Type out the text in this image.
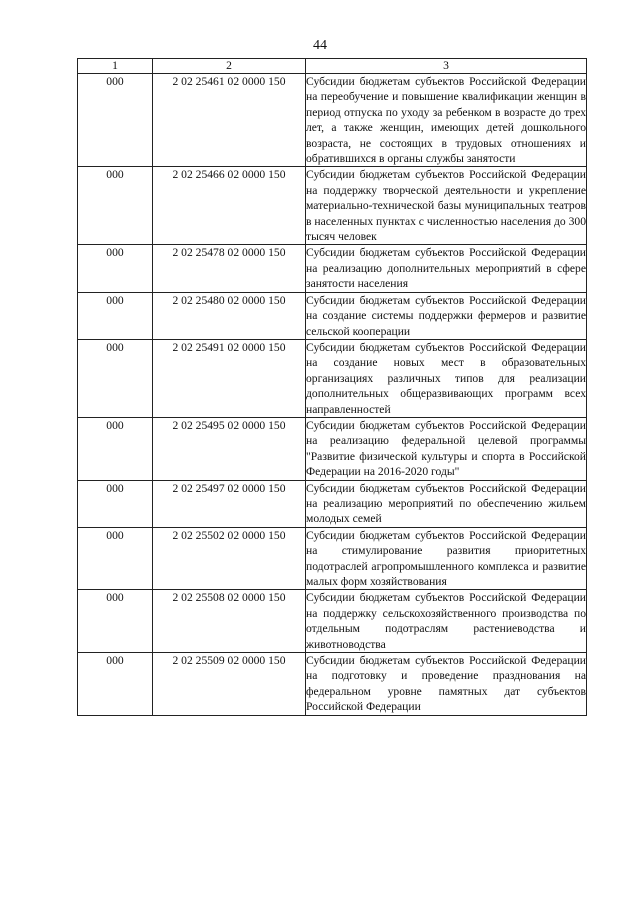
44
1	2	3
000	2 02 25461 02 0000 150	Субсидии бюджетам субъектов Российской Федерации на переобучение и повышение квалификации женщин в период отпуска по уходу за ребенком в возрасте до трех лет, а также женщин, имеющих детей дошкольного возраста, не состоящих в трудовых отношениях и обратившихся в органы службы занятости
000	2 02 25466 02 0000 150	Субсидии бюджетам субъектов Российской Федерации на поддержку творческой деятельности и укрепление материально-технической базы муниципальных театров в населенных пунктах с численностью населения до 300 тысяч человек
000	2 02 25478 02 0000 150	Субсидии бюджетам субъектов Российской Федерации на реализацию дополнительных мероприятий в сфере занятости населения
000	2 02 25480 02 0000 150	Субсидии бюджетам субъектов Российской Федерации на создание системы поддержки фермеров и развитие сельской кооперации
000	2 02 25491 02 0000 150	Субсидии бюджетам субъектов Российской Федерации на создание новых мест в образовательных организациях различных типов для реализации дополнительных общеразвивающих программ всех направленностей
000	2 02 25495 02 0000 150	Субсидии бюджетам субъектов Российской Федерации на реализацию федеральной целевой программы "Развитие физической культуры и спорта в Российской Федерации на 2016-2020 годы"
000	2 02 25497 02 0000 150	Субсидии бюджетам субъектов Российской Федерации на реализацию мероприятий по обеспечению жильем молодых семей
000	2 02 25502 02 0000 150	Субсидии бюджетам субъектов Российской Федерации на стимулирование развития приоритетных подотраслей агропромышленного комплекса и развитие малых форм хозяйствования
000	2 02 25508 02 0000 150	Субсидии бюджетам субъектов Российской Федерации на поддержку сельскохозяйственного производства по отдельным подотраслям растениеводства и животноводства
000	2 02 25509 02 0000 150	Субсидии бюджетам субъектов Российской Федерации на подготовку и проведение празднования на федеральном уровне памятных дат субъектов Российской Федерации
